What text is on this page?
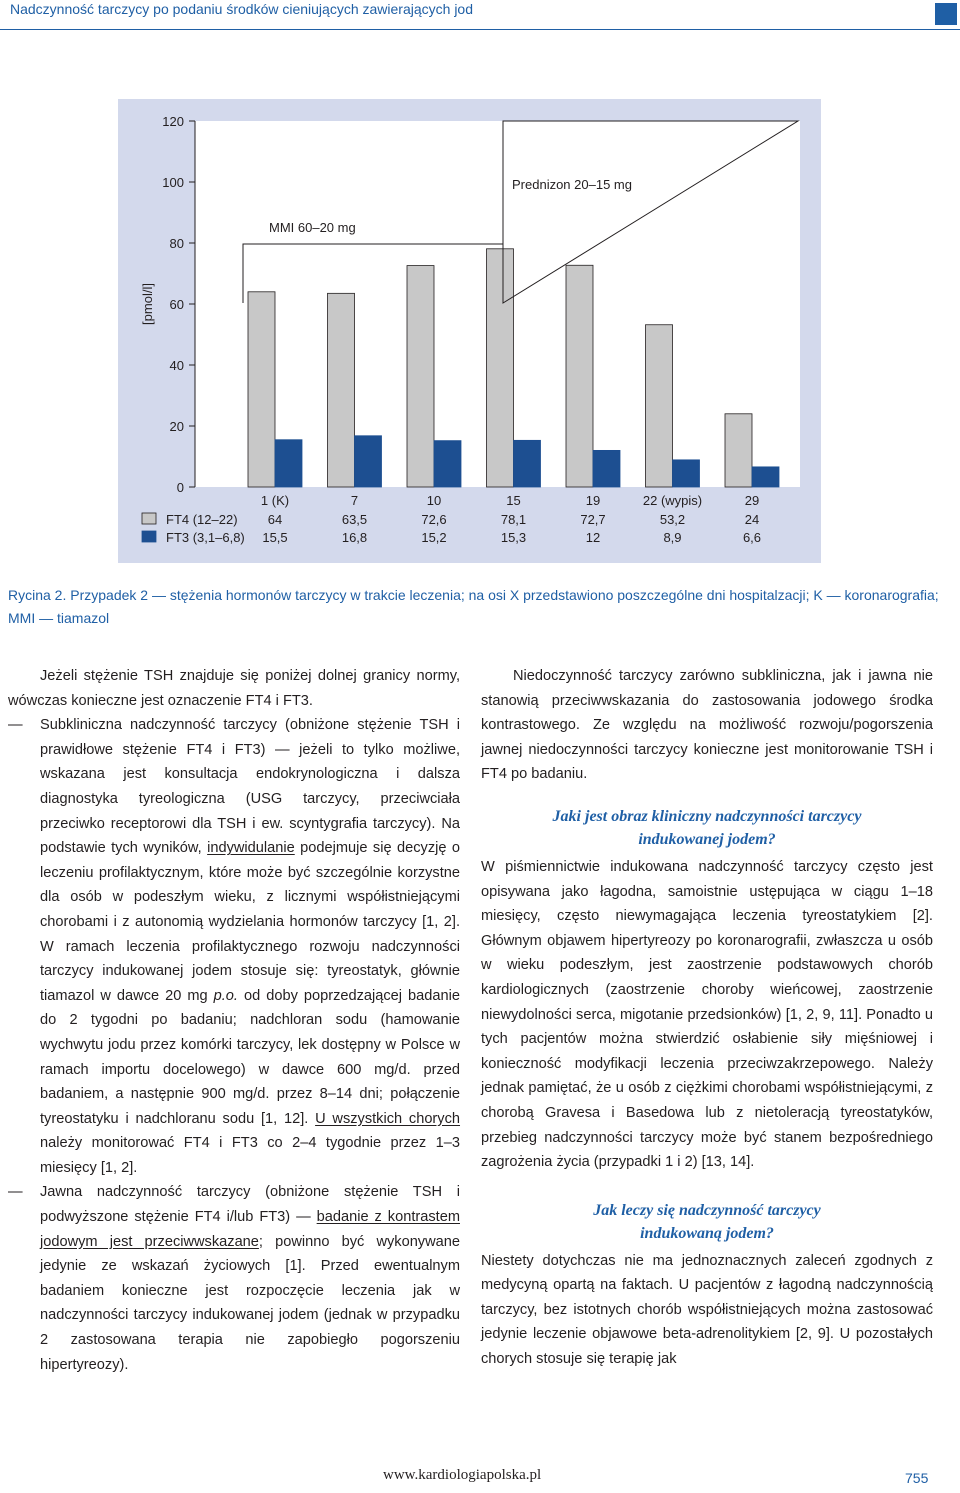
Nadczynność tarczycy po podaniu środków cieniujących zawierających jod
[pmol/l]
0
20
40
60
80
100
120
MMI 60–20 mg
Prednizon 20–15 mg
FT4 (12–22)
FT3 (3,1–6,8)
1 (K)
64
15,5
7
63,5
16,8
10
72,6
15,2
15
78,1
15,3
19
72,7
12
22 (wypis)
53,2
8,9
29
24
6,6
Rycina 2. Przypadek 2 — stężenia hormonów tarczycy w trakcie leczenia; na osi X przedstawiono poszczególne dni hospitalzacji; K — koronarografia; MMI — tiamazol

Jeżeli stężenie TSH znajduje się poniżej dolnej granicy normy, wówczas konieczne jest oznaczenie FT4 i FT3.

— Subkliniczna nadczynność tarczycy (obniżone stężenie TSH i prawidłowe stężenie FT4 i FT3) — jeżeli to tylko możliwe, wskazana jest konsultacja endokrynologiczna i dalsza diagnostyka tyreologiczna (USG tarczycy, przeciwciała przeciwko receptorowi dla TSH i ew. scyntygrafia tarczycy). Na podstawie tych wyników, indywidulanie podejmuje się decyzję o leczeniu profilaktycznym, które może być szczególnie korzystne dla osób w podeszłym wieku, z licznymi współistniejącymi chorobami i z autonomią wydzielania hormonów tarczycy [1, 2]. W ramach leczenia profilaktycznego rozwoju nadczynności tarczycy indukowanej jodem stosuje się: tyreostatyk, głównie tiamazol w dawce 20 mg p.o. od doby poprzedzającej badanie do 2 tygodni po badaniu; nadchloran sodu (hamowanie wychwytu jodu przez komórki tarczycy, lek dostępny w Polsce w ramach importu docelowego) w dawce 600 mg/d. przed badaniem, a następnie 900 mg/d. przez 8–14 dni; połączenie tyreostatyku i nadchloranu sodu [1, 12]. U wszystkich chorych należy monitorować FT4 i FT3 co 2–4 tygodnie przez 1–3 miesięcy [1, 2].
— Jawna nadczynność tarczycy (obniżone stężenie TSH i podwyższone stężenie FT4 i/lub FT3) — badanie z kontrastem jodowym jest przeciwwskazane; powinno być wykonywane jedynie ze wskazań życiowych [1]. Przed ewentualnym badaniem konieczne jest rozpoczęcie leczenia jak w nadczynności tarczycy indukowanej jodem (jednak w przypadku 2 zastosowana terapia nie zapobiegło pogorszeniu hipertyreozy).

Niedoczynność tarczycy zarówno subkliniczna, jak i jawna nie stanowią przeciwwskazania do zastosowania jodowego środka kontrastowego. Ze względu na możliwość rozwoju/pogorszenia jawnej niedoczynności tarczycy konieczne jest monitorowanie TSH i FT4 po badaniu.

Jaki jest obraz kliniczny nadczynności tarczycy
indukowanej jodem?

W piśmiennictwie indukowana nadczynność tarczycy często jest opisywana jako łagodna, samoistnie ustępująca w ciągu 1–18 miesięcy, często niewymagająca leczenia tyreostatykiem [2]. Głównym objawem hipertyreozy po koronarografii, zwłaszcza u osób w wieku podeszłym, jest zaostrzenie podstawowych chorób kardiologicznych (zaostrzenie choroby wieńcowej, zaostrzenie niewydolności serca, migotanie przedsionków) [1, 2, 9, 11]. Ponadto u tych pacjentów można stwierdzić osłabienie siły mięśniowej i konieczność modyfikacji leczenia przeciwzakrzepowego. Należy jednak pamiętać, że u osób z ciężkimi chorobami współistniejącymi, z chorobą Gravesa i Basedowa lub z nietoleracją tyreostatyków, przebieg nadczynności tarczycy może być stanem bezpośredniego zagrożenia życia (przypadki 1 i 2) [13, 14].

Jak leczy się nadczynność tarczycy
indukowaną jodem?

Niestety dotychczas nie ma jednoznacznych zaleceń zgodnych z medycyną opartą na faktach. U pacjentów z łagodną nadczynnością tarczycy, bez istotnych chorób współistniejących można zastosować jedynie leczenie objawowe beta-adrenolitykiem [2, 9]. U pozostałych chorych stosuje się terapię jak

www.kardiologiapolska.pl	755
